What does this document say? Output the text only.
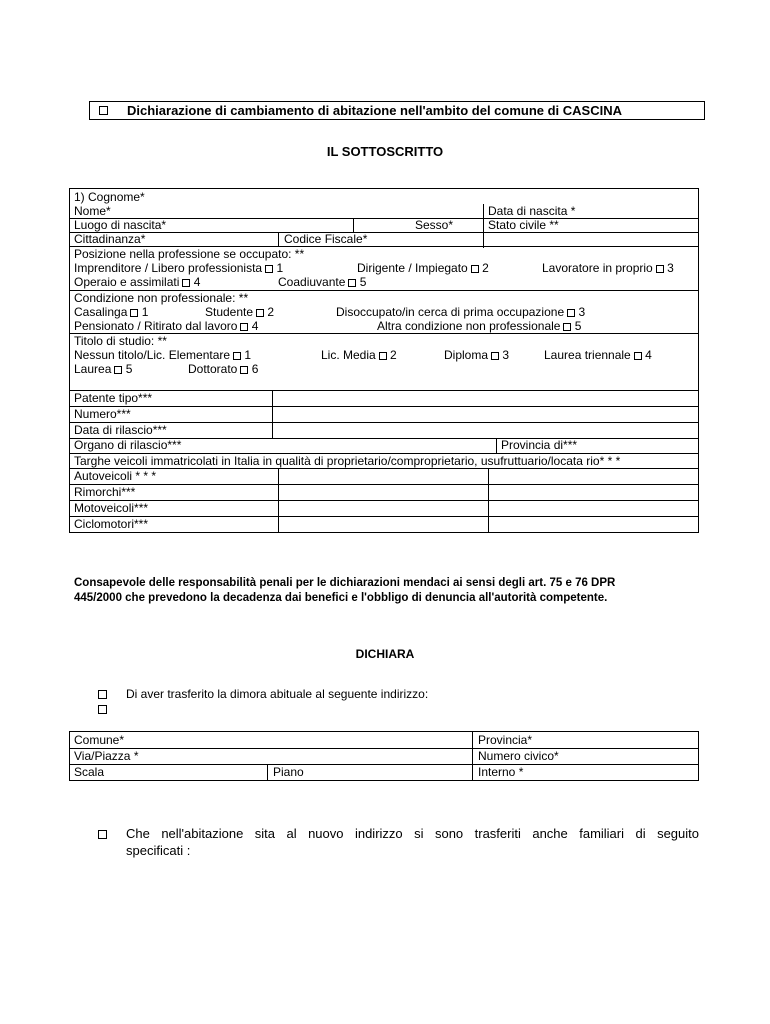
Dichiarazione di cambiamento di abitazione nell'ambito del comune di CASCINA
IL SOTTOSCRITTO
1) Cognome*
Nome*	Data di nascita *
Luogo di nascita*	Sesso*	Stato civile **
Cittadinanza*	Codice Fiscale*
Posizione nella professione se occupato: **
Imprenditore / Libero professionista 1	Dirigente / Impiegato 2	Lavoratore in proprio 3
Operaio e assimilati 4	Coadiuvante 5
Condizione non professionale: **
Casalinga 1	Studente 2	Disoccupato/in cerca di prima occupazione 3
Pensionato / Ritirato dal lavoro 4	Altra condizione non professionale 5
Titolo di studio: **
Nessun titolo/Lic. Elementare 1	Lic. Media 2	Diploma 3	Laurea triennale 4
Laurea 5	Dottorato 6
Patente tipo***
Numero***
Data di rilascio***
Organo di rilascio***	Provincia di***
Targhe veicoli immatricolati in Italia in qualità di proprietario/comproprietario, usufruttuario/locata rio* * *
Autoveicoli * * *
Rimorchi***
Motoveicoli***
Ciclomotori***
Consapevole delle responsabilità penali per le dichiarazioni mendaci ai sensi degli art. 75 e 76 DPR
445/2000 che prevedono la decadenza dai benefici e l'obbligo di denuncia all'autorità competente.
DICHIARA
Di aver trasferito la dimora abituale al seguente indirizzo:
Comune*	Provincia*
Via/Piazza *	Numero civico*
Scala	Piano	Interno *
Che nell'abitazione sita al nuovo indirizzo si sono trasferiti anche familiari di seguito
specificati :
